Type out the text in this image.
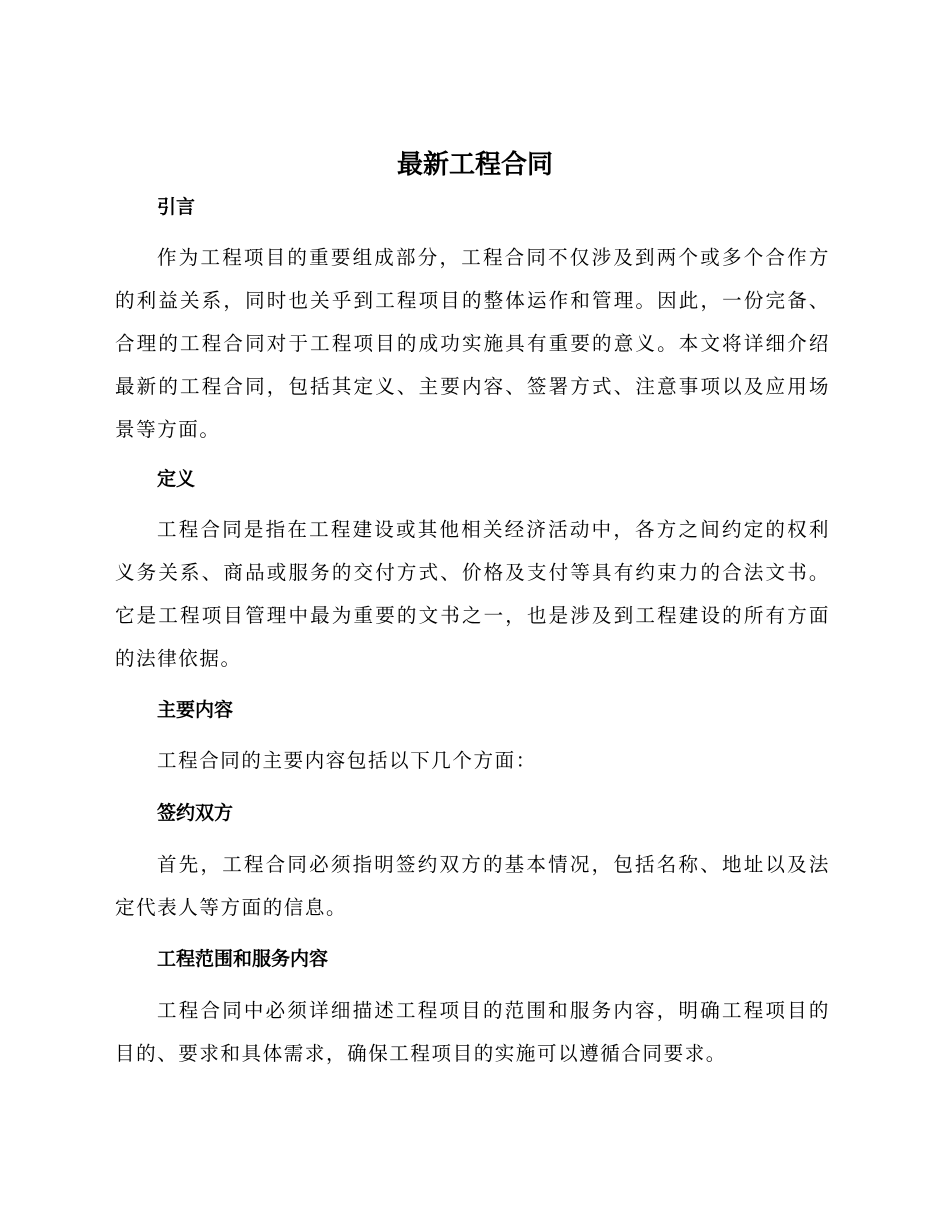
最新工程合同
引言

作为工程项目的重要组成部分，工程合同不仅涉及到两个或多个合作方的利益关系，同时也关乎到工程项目的整体运作和管理。因此，一份完备、合理的工程合同对于工程项目的成功实施具有重要的意义。本文将详细介绍最新的工程合同，包括其定义、主要内容、签署方式、注意事项以及应用场景等方面。

定义

工程合同是指在工程建设或其他相关经济活动中，各方之间约定的权利义务关系、商品或服务的交付方式、价格及支付等具有约束力的合法文书。它是工程项目管理中最为重要的文书之一，也是涉及到工程建设的所有方面的法律依据。

主要内容

工程合同的主要内容包括以下几个方面：

签约双方

首先，工程合同必须指明签约双方的基本情况，包括名称、地址以及法定代表人等方面的信息。

工程范围和服务内容

工程合同中必须详细描述工程项目的范围和服务内容，明确工程项目的目的、要求和具体需求，确保工程项目的实施可以遵循合同要求。
